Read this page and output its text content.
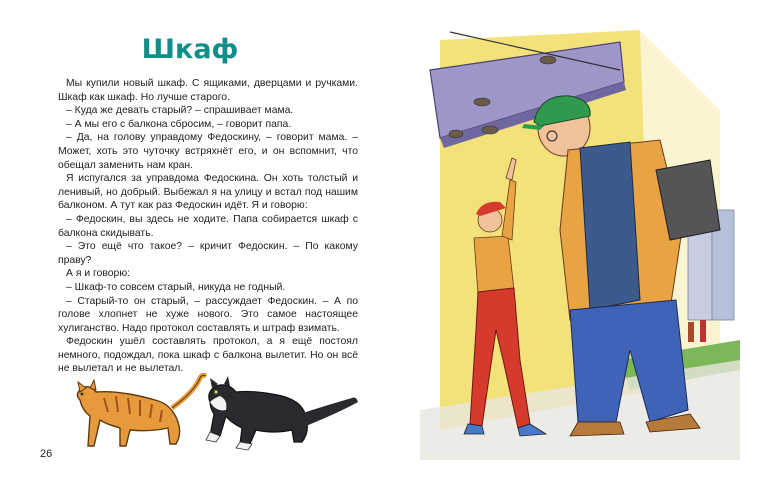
Шкаф

Мы купили новый шкаф. С ящиками, дверцами и ручками. Шкаф как шкаф. Но лучше старого.

– Куда же девать старый? – спрашивает мама.

– А мы его с балкона сбросим, – говорит папа.

– Да, на голову управдому Федоскину, – говорит мама. – Может, хоть это чуточку встряхнёт его, и он вспомнит, что обещал заменить нам кран.

Я испугался за управдома Федоскина. Он хоть толстый и ленивый, но добрый. Выбежал я на улицу и встал под нашим балконом. А тут как раз Федоскин идёт. Я и говорю:

– Федоскин, вы здесь не ходите. Папа собирается шкаф с балкона скидывать.

– Это ещё что такое? – кричит Федоскин. – По какому праву?

А я и говорю:

– Шкаф-то совсем старый, никуда не годный.

– Старый-то он старый, – рассуждает Федоскин. – А по голове хлопнет не хуже нового. Это самое настоящее хулиганство. Надо протокол составлять и штраф взимать.

Федоскин ушёл составлять протокол, а я ещё постоял немного, подождал, пока шкаф с балкона вылетит. Но он всё не вылетал и не вылетал.

26
